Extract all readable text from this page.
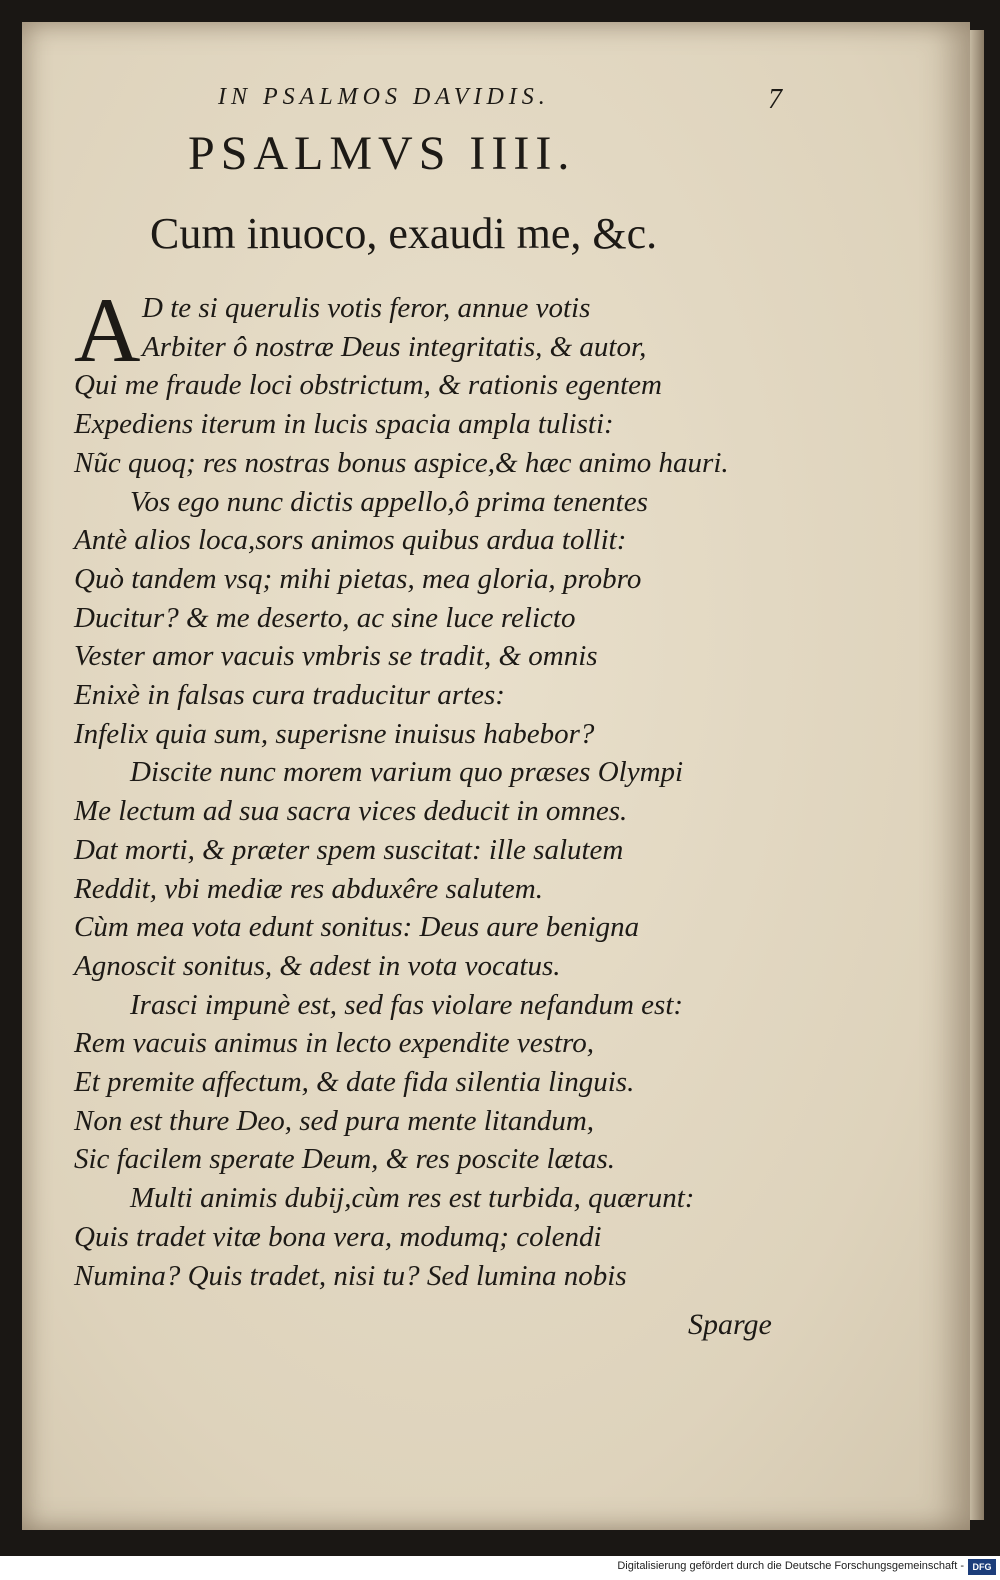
IN PSALMOS DAVIDIS.	7
PSALMVS IIII.
Cum inuoco, exaudi me, &c.
A D te si querulis votis feror, annue votis
Arbiter ô nostræ Deus integritatis, & autor,
Qui me fraude loci obstrictum, & rationis egentem
Expediens iterum in lucis spacia ampla tulisti:
Nũc quoq; res nostras bonus aspice,& hæc animo hauri.
Vos ego nunc dictis appello,ô prima tenentes
Antè alios loca,sors animos quibus ardua tollit:
Quò tandem vsq; mihi pietas, mea gloria, probro
Ducitur? & me deserto, ac sine luce relicto
Vester amor vacuis vmbris se tradit, & omnis
Enixè in falsas cura traducitur artes:
Infelix quia sum, superisne inuisus habebor?
Discite nunc morem varium quo præses Olympi
Me lectum ad sua sacra vices deducit in omnes.
Dat morti, & præter spem suscitat: ille salutem
Reddit, vbi mediæ res abduxêre salutem.
Cùm mea vota edunt sonitus: Deus aure benigna
Agnoscit sonitus, & adest in vota vocatus.
Irasci impunè est, sed fas violare nefandum est:
Rem vacuis animus in lecto expendite vestro,
Et premite affectum, & date fida silentia linguis.
Non est thure Deo, sed pura mente litandum,
Sic facilem sperate Deum, & res poscite lætas.
Multi animis dubij,cùm res est turbida, quærunt:
Quis tradet vitæ bona vera, modumq; colendi
Numina? Quis tradet, nisi tu? Sed lumina nobis
Sparge
Digitalisierung gefördert durch die Deutsche Forschungsgemeinschaft - DFG
